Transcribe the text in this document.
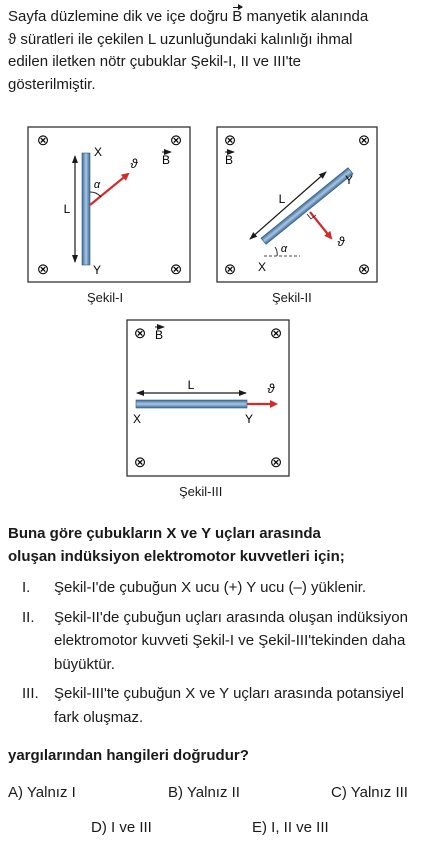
Sayfa düzlemine dik ve içe doğru B manyetik alanında
ϑ süratleri ile çekilen L uzunluğundaki kalınlığı ihmal
edilen iletken nötr çubuklar Şekil-I, II ve III'te
gösterilmiştir.
⊗	⊗
⊗	⊗
L
X
Y
ϑ
α
B
⊗	⊗
⊗	⊗
B
L
X
Y
α	ϑ
⊗	⊗
⊗	⊗
B
L	ϑ
X	Y
Şekil-I	Şekil-II
Şekil-III
Buna göre çubukların X ve Y uçları arasında
oluşan indüksiyon elektromotor kuvvetleri için;
I. Şekil-I'de çubuğun X ucu (+) Y ucu (–) yüklenir.
II. Şekil-II'de çubuğun uçları arasında oluşan indüksiyon elektromotor kuvveti Şekil-I ve Şekil-III'tekinden daha büyüktür.
III. Şekil-III'te çubuğun X ve Y uçları arasında potansiyel fark oluşmaz.
yargılarından hangileri doğrudur?
A) Yalnız I	B) Yalnız II	C) Yalnız III
D) I ve III	E) I, II ve III
